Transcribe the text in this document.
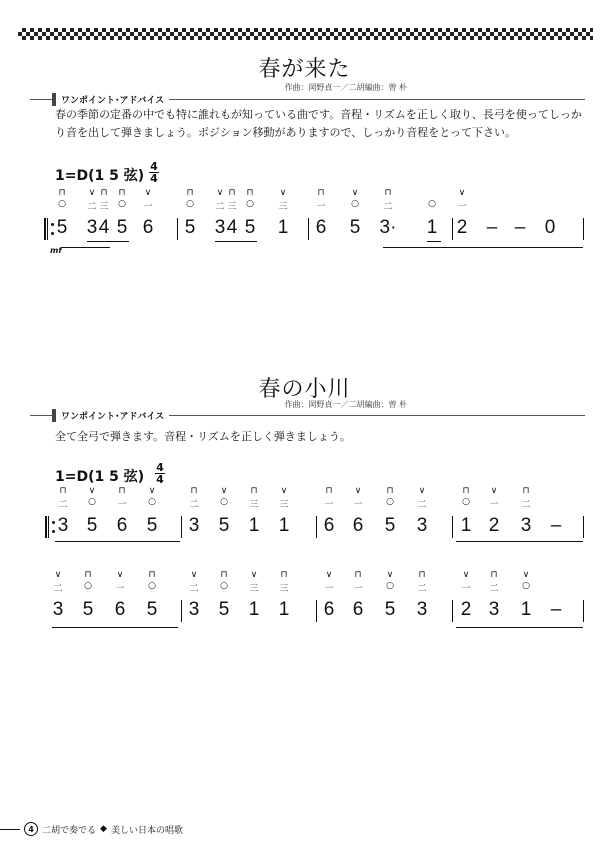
春が来た
作曲：岡野貞一／二胡編曲：曾 朴
ワンポイント･アドバイス
春の季節の定番の中でも特に誰れもが知っている曲です。音程・リズムを正しく取り、長弓を使ってしっかり音を出して弾きましょう。ポジション移動がありますので、しっかり音程をとって下さい。
1=D(1 5 弦) $\frac{4}{4}$
mf
春の小川
作曲：岡野貞一／二胡編曲：曾 朴
ワンポイント･アドバイス
全て全弓で弾きます。音程・リズムを正しく弾きましょう。
1=D(1 5 弦) $\frac{4}{4}$
⊓
○
5
∨
二
3
⊓
三
4
⊓
○
5
∨
一
6
⊓
○
5
∨
二
3
⊓
三
4
⊓
○
5
∨
三
1
⊓
一
6
∨
○
5
⊓
二
3·
○
1
∨
一
2 – – 0
⊓
二
3
∨
○
5
⊓
一
6
∨
○
5
⊓
二
3
∨
○
5
⊓
三
1
∨
三
1
⊓
一
6
∨
一
6
⊓
○
5
∨
二
3
⊓
○
1
∨
一
2
⊓
二
3 –
∨
二
3
⊓
○
5
∨
一
6
⊓
○
5
∨
二
3
⊓
○
5
∨
三
1
⊓
三
1
∨
一
6
⊓
一
6
∨
○
5
⊓
二
3
∨
一
2
⊓
二
3
∨
○
1 –
4 二胡で奏でる ◆ 美しい日本の唱歌
